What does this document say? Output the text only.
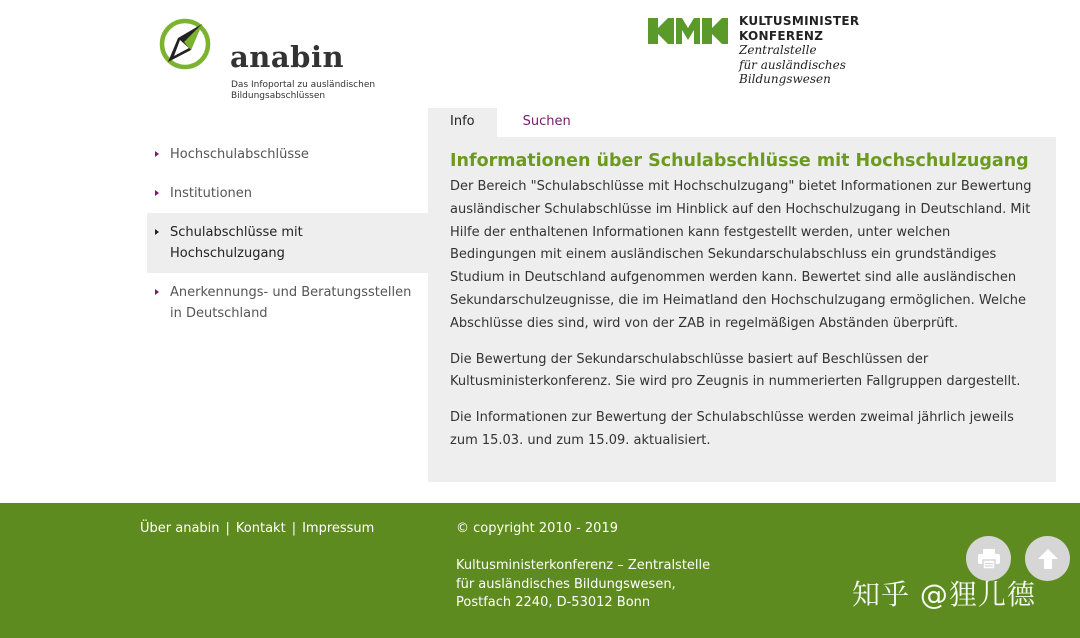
anabin
Das Infoportal zu ausländischen
Bildungsabschlüssen
KULTUSMINISTER
KONFERENZ
Zentralstelle
für ausländisches
Bildungswesen
Info	Suchen
Hochschulabschlüsse
Institutionen
Schulabschlüsse mit Hochschulzugang
Anerkennungs- und Beratungsstellen in Deutschland
Informationen über Schulabschlüsse mit Hochschulzugang

Der Bereich "Schulabschlüsse mit Hochschulzugang" bietet Informationen zur Bewertung ausländischer Schulabschlüsse im Hinblick auf den Hochschulzugang in Deutschland. Mit Hilfe der enthaltenen Informationen kann festgestellt werden, unter welchen Bedingungen mit einem ausländischen Sekundarschulabschluss ein grundständiges Studium in Deutschland aufgenommen werden kann. Bewertet sind alle ausländischen Sekundarschulzeugnisse, die im Heimatland den Hochschulzugang ermöglichen. Welche Abschlüsse dies sind, wird von der ZAB in regelmäßigen Abständen überprüft.

Die Bewertung der Sekundarschulabschlüsse basiert auf Beschlüssen der Kultusministerkonferenz. Sie wird pro Zeugnis in nummerierten Fallgruppen dargestellt.

Die Informationen zur Bewertung der Schulabschlüsse werden zweimal jährlich jeweils zum 15.03. und zum 15.09. aktualisiert.

Über anabin | Kontakt | Impressum	© copyright 2010 - 2019
Kultusministerkonferenz – Zentralstelle
für ausländisches Bildungswesen,
Postfach 2240, D-53012 Bonn	知乎 @狸儿德
